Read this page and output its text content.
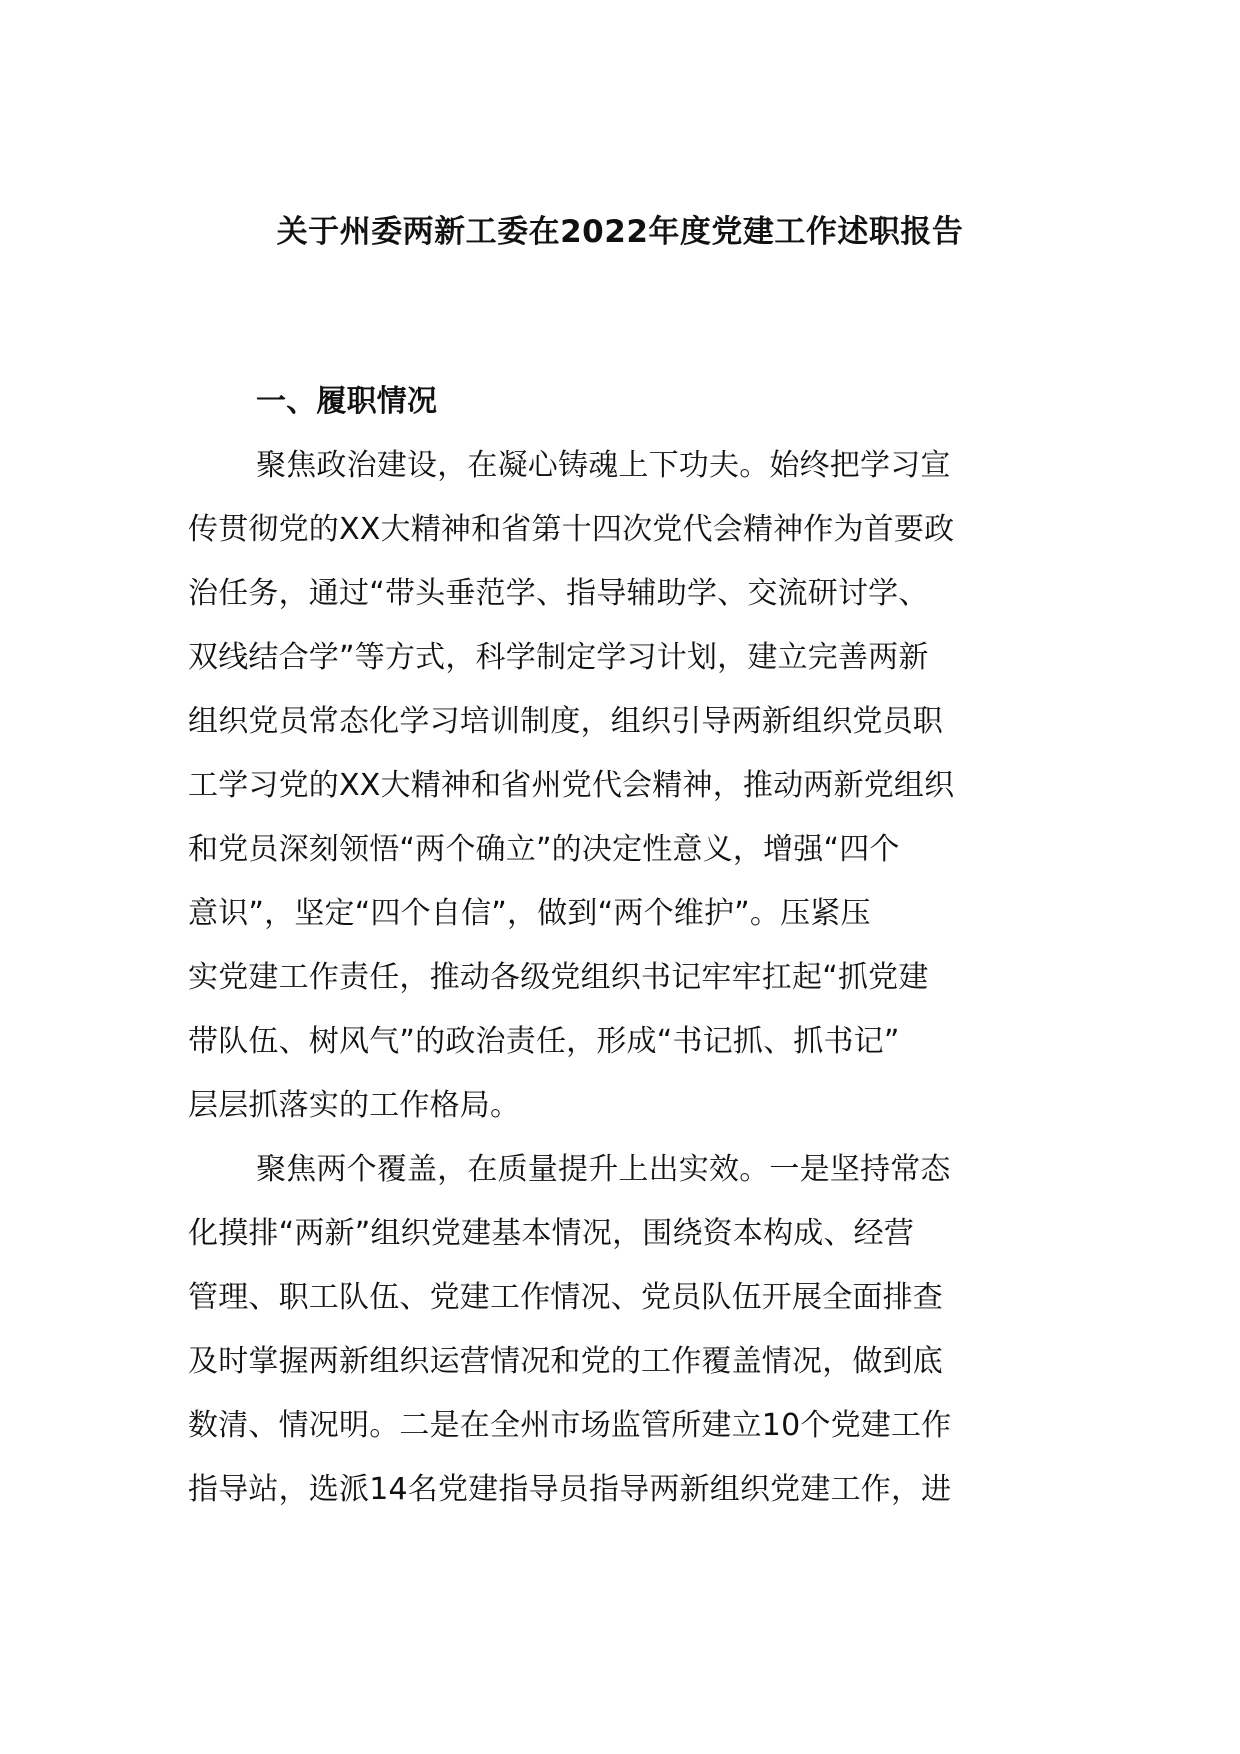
关于州委两新工委在2022年度党建工作述职报告
一、履职情况
聚焦政治建设，在凝心铸魂上下功夫。始终把学习宣
传贯彻党的XX大精神和省第十四次党代会精神作为首要政
治任务，通过“带头垂范学、指导辅助学、交流研讨学、
双线结合学”等方式，科学制定学习计划，建立完善两新
组织党员常态化学习培训制度，组织引导两新组织党员职
工学习党的XX大精神和省州党代会精神，推动两新党组织
和党员深刻领悟“两个确立”的决定性意义，增强“四个
意识”，坚定“四个自信”，做到“两个维护”。压紧压
实党建工作责任，推动各级党组织书记牢牢扛起“抓党建
带队伍、树风气”的政治责任，形成“书记抓、抓书记”
层层抓落实的工作格局。
聚焦两个覆盖，在质量提升上出实效。一是坚持常态
化摸排“两新”组织党建基本情况，围绕资本构成、经营
管理、职工队伍、党建工作情况、党员队伍开展全面排查
及时掌握两新组织运营情况和党的工作覆盖情况，做到底
数清、情况明。二是在全州市场监管所建立10个党建工作
指导站，选派14名党建指导员指导两新组织党建工作，进
